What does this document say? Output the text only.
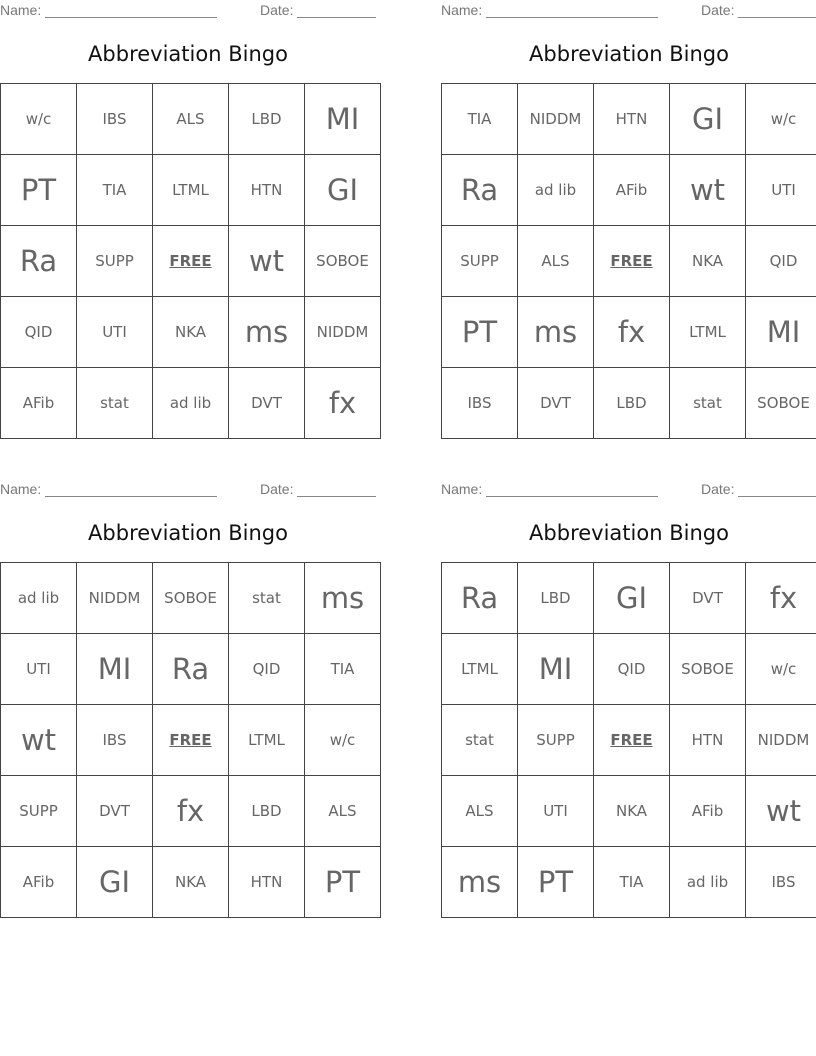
Name:	Date:
Abbreviation Bingo
w/c	IBS	ALS	LBD	MI
PT	TIA	LTML	HTN	GI
Ra	SUPP	FREE	wt	SOBOE
QID	UTI	NKA	ms	NIDDM
AFib	stat	ad lib	DVT	fx
Name:	Date:
Abbreviation Bingo
TIA	NIDDM	HTN	GI	w/c
Ra	ad lib	AFib	wt	UTI
SUPP	ALS	FREE	NKA	QID
PT	ms	fx	LTML	MI
IBS	DVT	LBD	stat	SOBOE
Name:	Date:
Abbreviation Bingo
ad lib	NIDDM	SOBOE	stat	ms
UTI	MI	Ra	QID	TIA
wt	IBS	FREE	LTML	w/c
SUPP	DVT	fx	LBD	ALS
AFib	GI	NKA	HTN	PT
Name:	Date:
Abbreviation Bingo
Ra	LBD	GI	DVT	fx
LTML	MI	QID	SOBOE	w/c
stat	SUPP	FREE	HTN	NIDDM
ALS	UTI	NKA	AFib	wt
ms	PT	TIA	ad lib	IBS
